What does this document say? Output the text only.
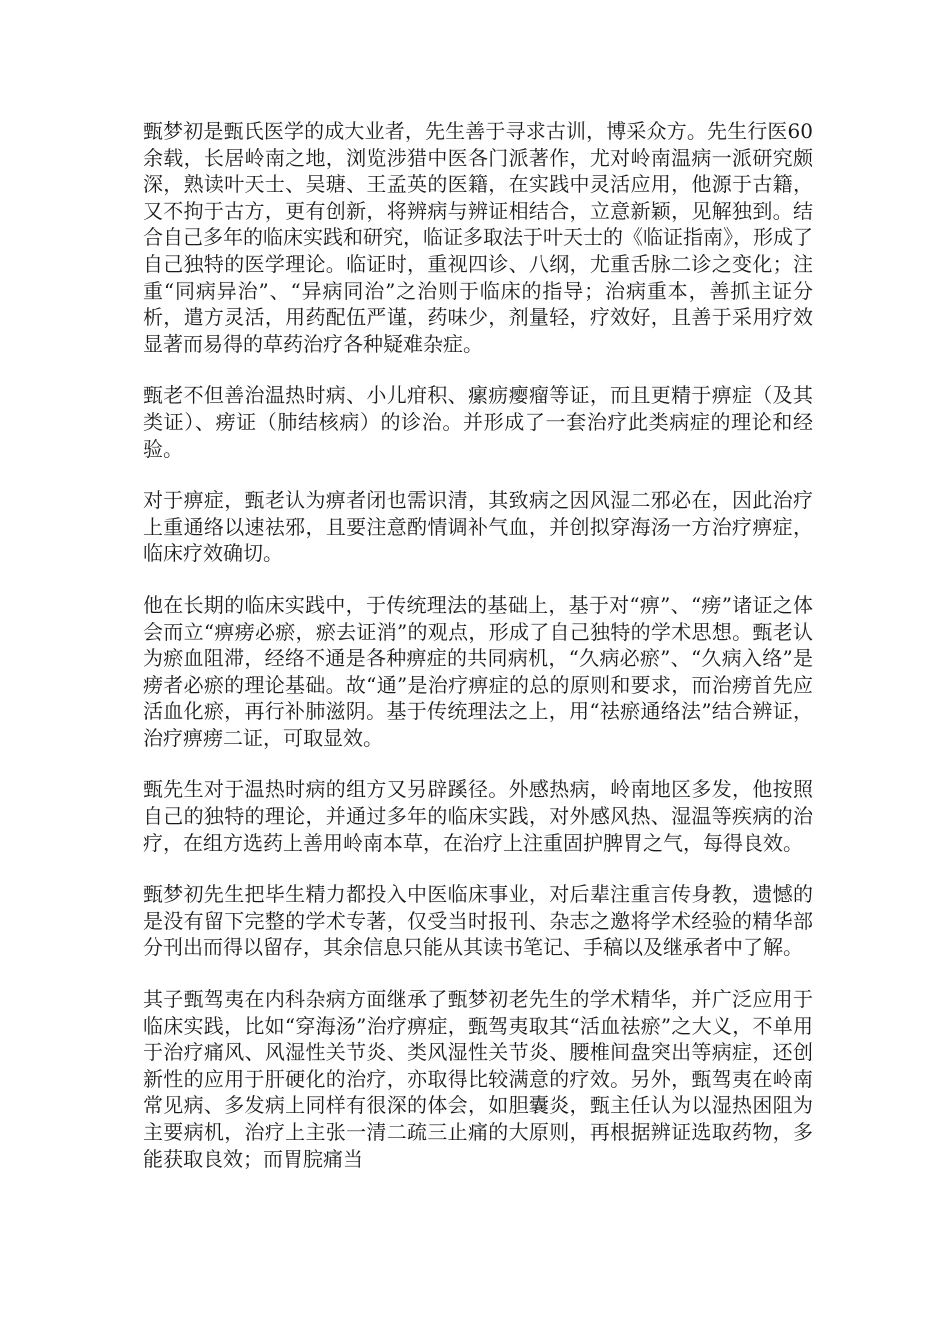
甄梦初是甄氏医学的成大业者，先生善于寻求古训，博采众方。先生行医60余载，长居岭南之地，浏览涉猎中医各门派著作，尤对岭南温病一派研究颇深，熟读叶天士、吴瑭、王孟英的医籍，在实践中灵活应用，他源于古籍，又不拘于古方，更有创新，将辨病与辨证相结合，立意新颖，见解独到。结合自己多年的临床实践和研究，临证多取法于叶天士的《临证指南》，形成了自己独特的医学理论。临证时，重视四诊、八纲，尤重舌脉二诊之变化；注重“同病异治”、“异病同治”之治则于临床的指导；治病重本，善抓主证分析，遣方灵活，用药配伍严谨，药味少，剂量轻，疗效好，且善于采用疗效显著而易得的草药治疗各种疑难杂症。

甄老不但善治温热时病、小儿疳积、瘰疬瘿瘤等证，而且更精于痹症（及其类证）、痨证（肺结核病）的诊治。并形成了一套治疗此类病症的理论和经验。

对于痹症，甄老认为痹者闭也需识清，其致病之因风湿二邪必在，因此治疗上重通络以速祛邪，且要注意酌情调补气血，并创拟穿海汤一方治疗痹症，临床疗效确切。

他在长期的临床实践中，于传统理法的基础上，基于对“痹”、“痨”诸证之体会而立“痹痨必瘀，瘀去证消”的观点，形成了自己独特的学术思想。甄老认为瘀血阻滞，经络不通是各种痹症的共同病机，“久病必瘀”、“久病入络”是痨者必瘀的理论基础。故“通”是治疗痹症的总的原则和要求，而治痨首先应活血化瘀，再行补肺滋阴。基于传统理法之上，用“祛瘀通络法”结合辨证，治疗痹痨二证，可取显效。

甄先生对于温热时病的组方又另辟蹊径。外感热病，岭南地区多发，他按照自己的独特的理论，并通过多年的临床实践，对外感风热、湿温等疾病的治疗，在组方选药上善用岭南本草，在治疗上注重固护脾胃之气，每得良效。

甄梦初先生把毕生精力都投入中医临床事业，对后辈注重言传身教，遗憾的是没有留下完整的学术专著，仅受当时报刊、杂志之邀将学术经验的精华部分刊出而得以留存，其余信息只能从其读书笔记、手稿以及继承者中了解。

其子甄驾夷在内科杂病方面继承了甄梦初老先生的学术精华，并广泛应用于临床实践，比如“穿海汤”治疗痹症，甄驾夷取其“活血祛瘀”之大义，不单用于治疗痛风、风湿性关节炎、类风湿性关节炎、腰椎间盘突出等病症，还创新性的应用于肝硬化的治疗，亦取得比较满意的疗效。另外，甄驾夷在岭南常见病、多发病上同样有很深的体会，如胆囊炎，甄主任认为以湿热困阻为主要病机，治疗上主张一清二疏三止痛的大原则，再根据辨证选取药物，多能获取良效；而胃脘痛当
